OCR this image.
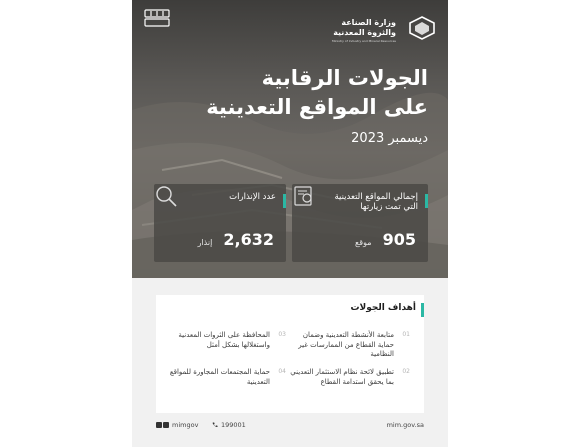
وزارة الصناعة والثروة المعدنية
Ministry of Industry and Mineral Resources
الجولات الرقابية
على المواقع التعدينية
ديسمبر 2023
إجمالي المواقع التعدينية التي تمت زيارتها
905 موقع
عدد الإنذارات
2,632 إنذار
أهداف الجولات
01
متابعة الأنشطة التعدينية وضمان حماية القطاع من الممارسات غير النظامية
02
تطبيق لائحة نظام الاستثمار التعديني بما يحقق استدامة القطاع
03
المحافظة على الثروات المعدنية واستغلالها بشكل أمثل
04
حماية المجتمعات المجاورة للمواقع التعدينية
mimgov	199001	mim.gov.sa
